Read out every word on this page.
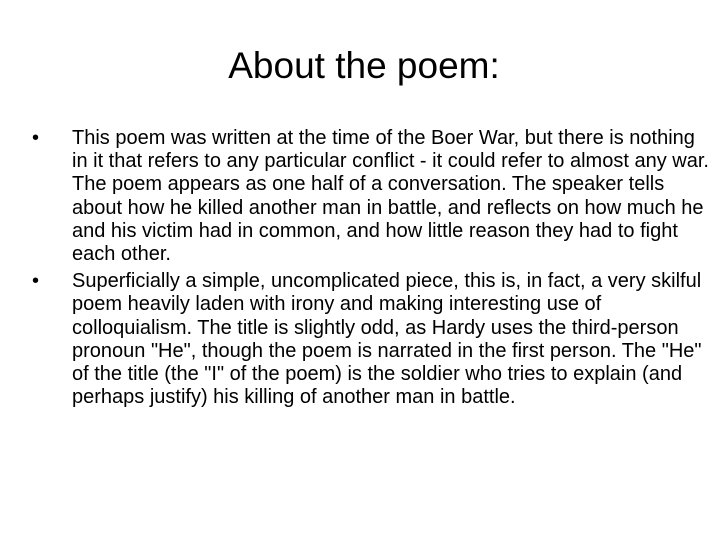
About the poem:
• This poem was written at the time of the Boer War, but there is nothing in it that refers to any particular conflict - it could refer to almost any war. The poem appears as one half of a conversation. The speaker tells about how he killed another man in battle, and reflects on how much he and his victim had in common, and how little reason they had to fight each other.
• Superficially a simple, uncomplicated piece, this is, in fact, a very skilful poem heavily laden with irony and making interesting use of colloquialism. The title is slightly odd, as Hardy uses the third-person pronoun "He", though the poem is narrated in the first person. The "He" of the title (the "I" of the poem) is the soldier who tries to explain (and perhaps justify) his killing of another man in battle.
